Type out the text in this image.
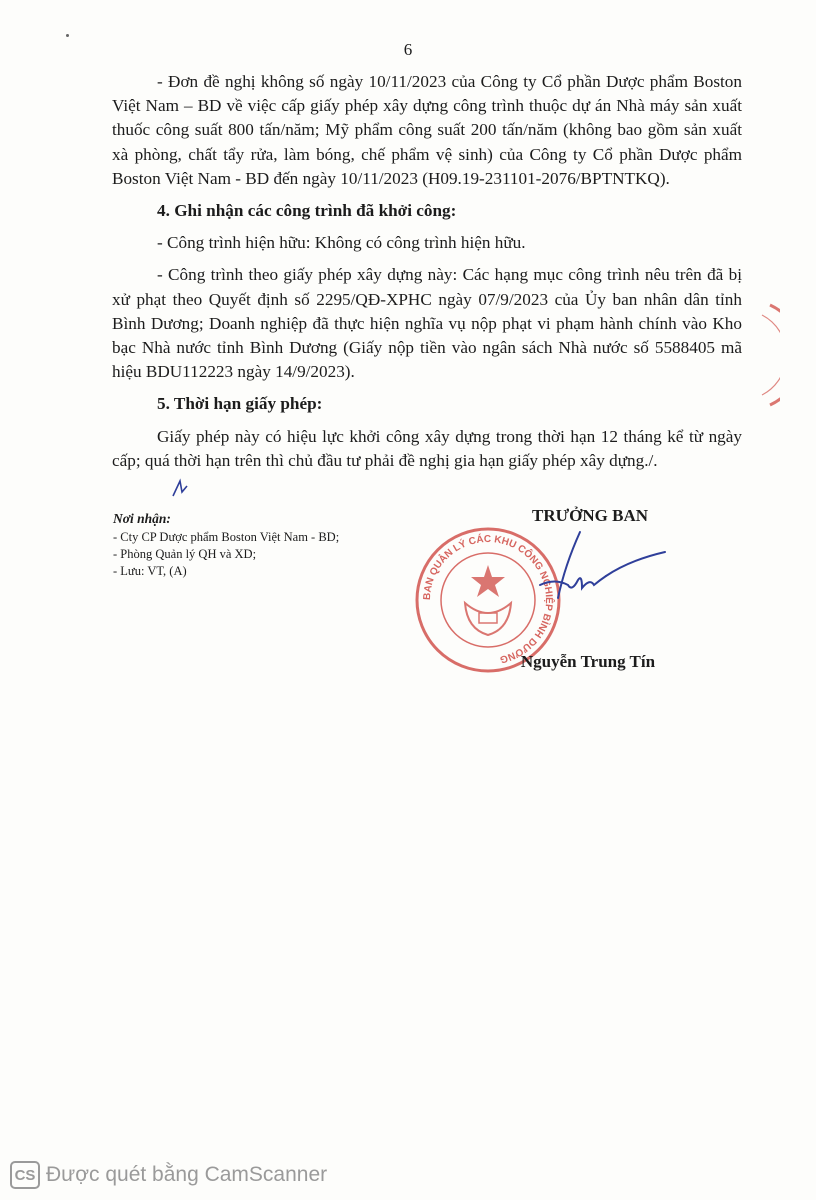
6

- Đơn đề nghị không số ngày 10/11/2023 của Công ty Cổ phần Dược phẩm Boston Việt Nam – BD về việc cấp giấy phép xây dựng công trình thuộc dự án Nhà máy sản xuất thuốc công suất 800 tấn/năm; Mỹ phẩm công suất 200 tấn/năm (không bao gồm sản xuất xà phòng, chất tẩy rửa, làm bóng, chế phẩm vệ sinh) của Công ty Cổ phần Dược phẩm Boston Việt Nam - BD đến ngày 10/11/2023 (H09.19-231101-2076/BPTNTKQ).

4. Ghi nhận các công trình đã khởi công:

- Công trình hiện hữu: Không có công trình hiện hữu.

- Công trình theo giấy phép xây dựng này: Các hạng mục công trình nêu trên đã bị xử phạt theo Quyết định số 2295/QĐ-XPHC ngày 07/9/2023 của Ủy ban nhân dân tỉnh Bình Dương; Doanh nghiệp đã thực hiện nghĩa vụ nộp phạt vi phạm hành chính vào Kho bạc Nhà nước tỉnh Bình Dương (Giấy nộp tiền vào ngân sách Nhà nước số 5588405 mã hiệu BDU112223 ngày 14/9/2023).

5. Thời hạn giấy phép:

Giấy phép này có hiệu lực khởi công xây dựng trong thời hạn 12 tháng kể từ ngày cấp; quá thời hạn trên thì chủ đầu tư phải đề nghị gia hạn giấy phép xây dựng./.

Nơi nhận:
- Cty CP Dược phẩm Boston Việt Nam - BD;
- Phòng Quản lý QH và XD;
- Lưu: VT, (A)
BAN QUẢN LÝ CÁC KHU CÔNG NGHIỆP BÌNH DƯƠNG
TRƯỞNG BAN
Nguyễn Trung Tín
CS Được quét bằng CamScanner
